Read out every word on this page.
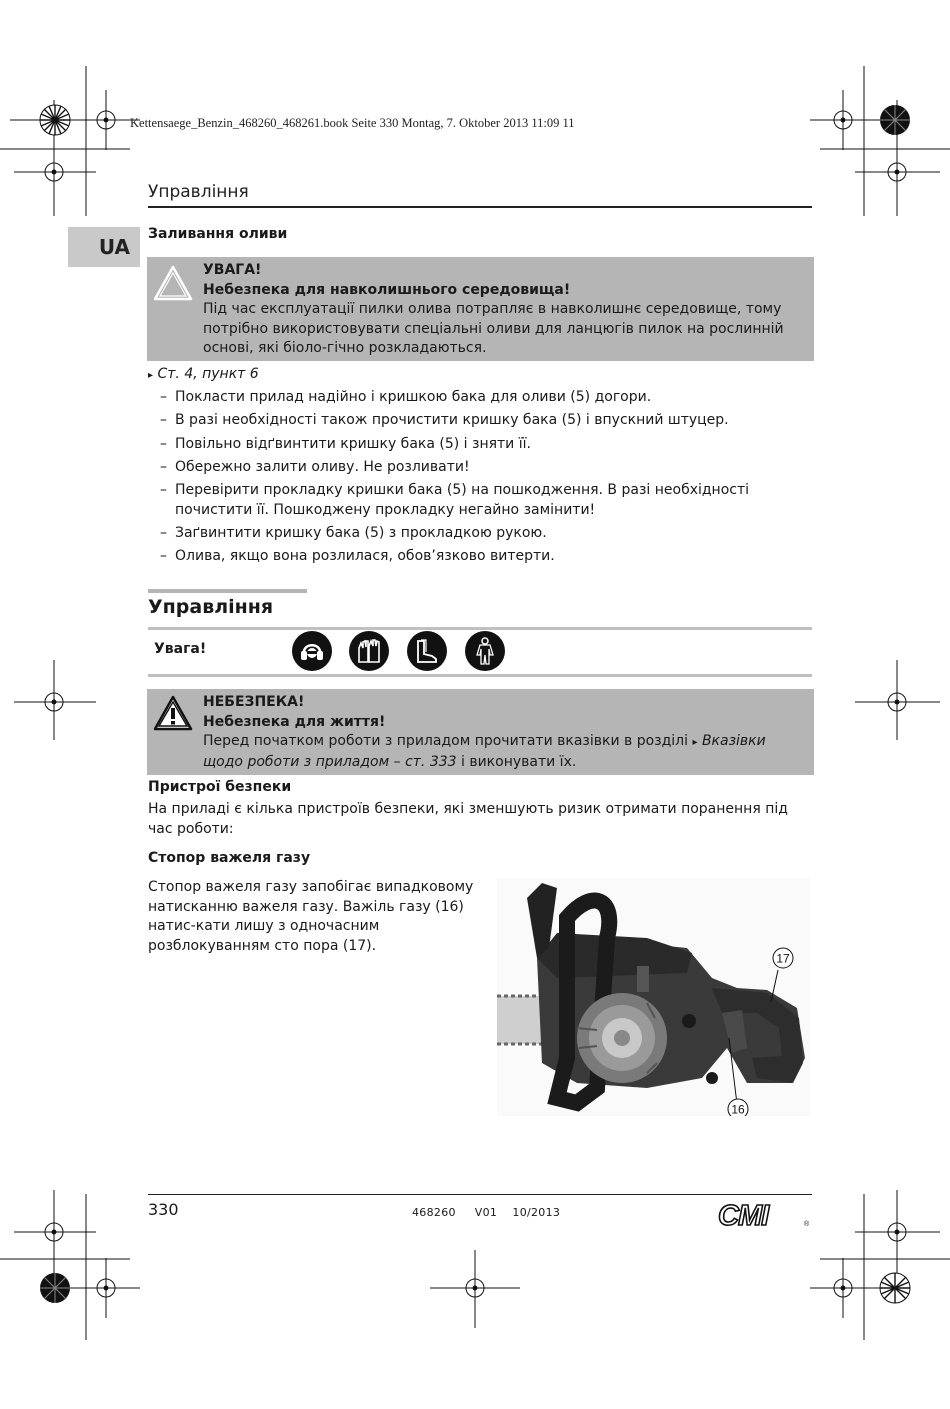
Kettensaege_Benzin_468260_468261.book Seite 330 Montag, 7. Oktober 2013 11:09 11
Управління
UA
Заливання оливи
УВАГА!
Небезпека для навколишнього середовища!
Під час експлуатації пилки олива потрапляє в навколишнє середовище, тому потрібно використовувати спеціальні оливи для ланцюгів пилок на рослинній основі, які біоло-гічно розкладаються.
▸ Ст. 4, пункт 6
– Покласти прилад надійно і кришкою бака для оливи (5) догори.
– В разі необхідності також прочистити кришку бака (5) і впускний штуцер.
– Повільно відґвинтити кришку бака (5) і зняти її.
– Обережно залити оливу. Не розливати!
– Перевірити прокладку кришки бака (5) на пошкодження. В разі необхідності почистити її. Пошкоджену прокладку негайно замінити!
– Заґвинтити кришку бака (5) з прокладкою рукою.
– Олива, якщо вона розлилася, обов’язково витерти.
Управління
Увага!
НЕБЕЗПЕКА!
Небезпека для життя!
Перед початком роботи з приладом прочитати вказівки в розділі ▸ Вказівки щодо роботи з приладом – ст. 333 і виконувати їх.
Пристрої безпеки
На приладі є кілька пристроїв безпеки, які зменшують ризик отримати поранення під час роботи:
Стопор важеля газу
Стопор важеля газу запобігає випадковому натисканню важеля газу. Важіль газу (16) натис-кати лишу з одночасним розблокуванням сто пора (17).
17
16
330	468260 V01 10/2013	CMI	®
